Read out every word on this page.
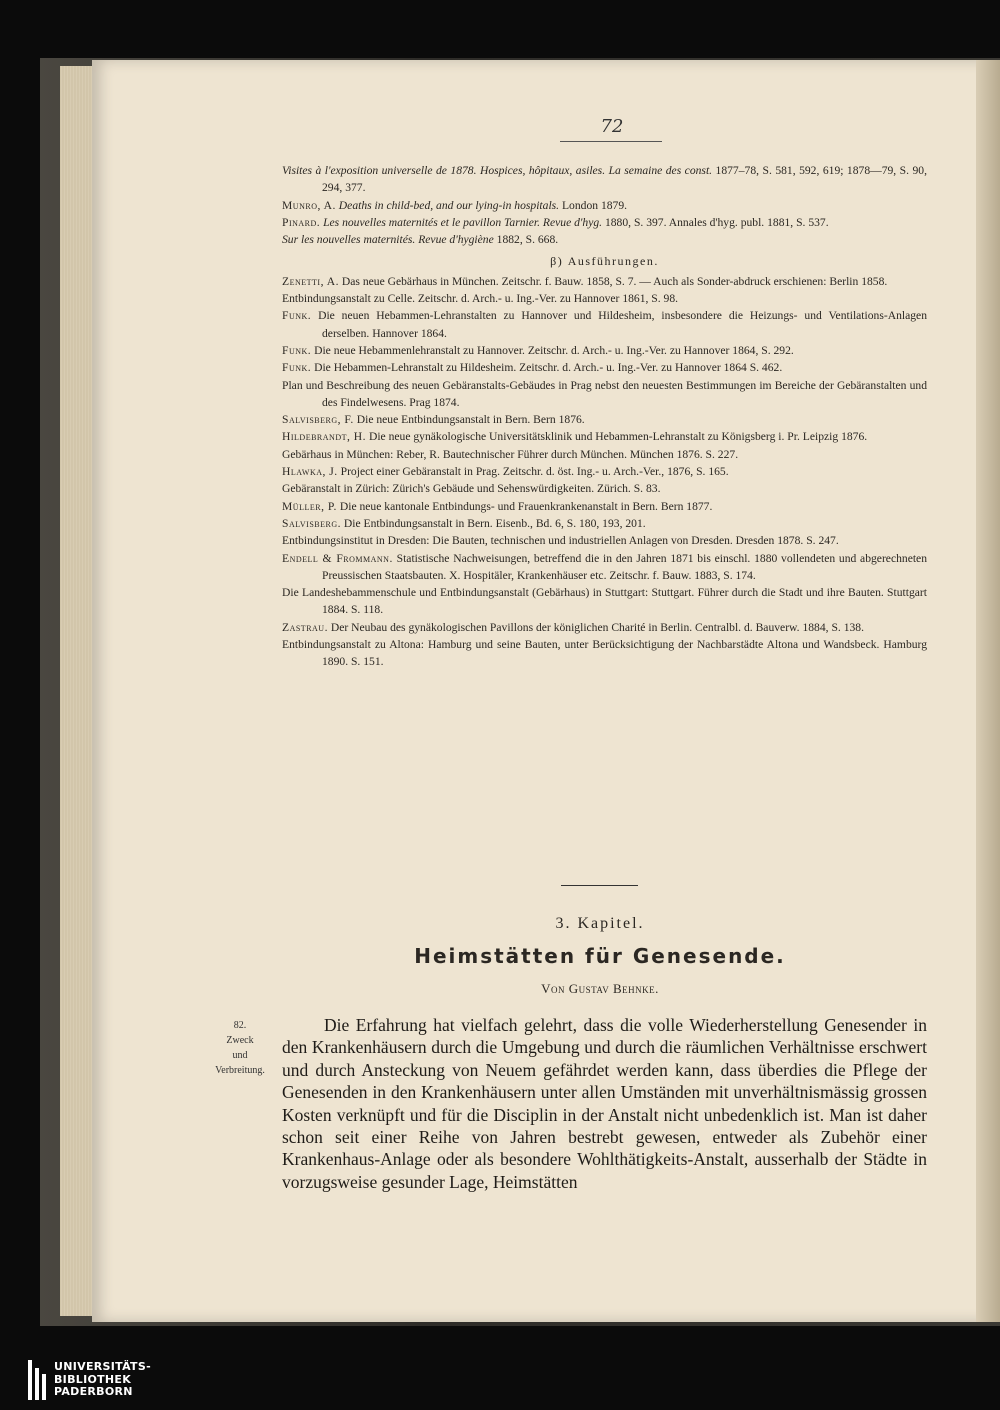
72

Visites à l'exposition universelle de 1878. Hospices, hôpitaux, asiles. La semaine des const. 1877–78, S. 581, 592, 619; 1878—79, S. 90, 294, 377.

Munro, A. Deaths in child-bed, and our lying-in hospitals. London 1879.

Pinard. Les nouvelles maternités et le pavillon Tarnier. Revue d'hyg. 1880, S. 397. Annales d'hyg. publ. 1881, S. 537.

Sur les nouvelles maternités. Revue d'hygiène 1882, S. 668.

β) Ausführungen.

Zenetti, A. Das neue Gebärhaus in München. Zeitschr. f. Bauw. 1858, S. 7. — Auch als Sonder-abdruck erschienen: Berlin 1858.

Entbindungsanstalt zu Celle. Zeitschr. d. Arch.- u. Ing.-Ver. zu Hannover 1861, S. 98.

Funk. Die neuen Hebammen-Lehranstalten zu Hannover und Hildesheim, insbesondere die Heizungs- und Ventilations-Anlagen derselben. Hannover 1864.

Funk. Die neue Hebammenlehranstalt zu Hannover. Zeitschr. d. Arch.- u. Ing.-Ver. zu Hannover 1864, S. 292.

Funk. Die Hebammen-Lehranstalt zu Hildesheim. Zeitschr. d. Arch.- u. Ing.-Ver. zu Hannover 1864 S. 462.

Plan und Beschreibung des neuen Gebäranstalts-Gebäudes in Prag nebst den neuesten Bestimmungen im Bereiche der Gebäranstalten und des Findelwesens. Prag 1874.

Salvisberg, F. Die neue Entbindungsanstalt in Bern. Bern 1876.

Hildebrandt, H. Die neue gynäkologische Universitätsklinik und Hebammen-Lehranstalt zu Königsberg i. Pr. Leipzig 1876.

Gebärhaus in München: Reber, R. Bautechnischer Führer durch München. München 1876. S. 227.

Hlawka, J. Project einer Gebäranstalt in Prag. Zeitschr. d. öst. Ing.- u. Arch.-Ver., 1876, S. 165.

Gebäranstalt in Zürich: Zürich's Gebäude und Sehenswürdigkeiten. Zürich. S. 83.

Müller, P. Die neue kantonale Entbindungs- und Frauenkrankenanstalt in Bern. Bern 1877.

Salvisberg. Die Entbindungsanstalt in Bern. Eisenb., Bd. 6, S. 180, 193, 201.

Entbindungsinstitut in Dresden: Die Bauten, technischen und industriellen Anlagen von Dresden. Dresden 1878. S. 247.

Endell & Frommann. Statistische Nachweisungen, betreffend die in den Jahren 1871 bis einschl. 1880 vollendeten und abgerechneten Preussischen Staatsbauten. X. Hospitäler, Krankenhäuser etc. Zeitschr. f. Bauw. 1883, S. 174.

Die Landeshebammenschule und Entbindungsanstalt (Gebärhaus) in Stuttgart: Stuttgart. Führer durch die Stadt und ihre Bauten. Stuttgart 1884. S. 118.

Zastrau. Der Neubau des gynäkologischen Pavillons der königlichen Charité in Berlin. Centralbl. d. Bauverw. 1884, S. 138.

Entbindungsanstalt zu Altona: Hamburg und seine Bauten, unter Berücksichtigung der Nachbarstädte Altona und Wandsbeck. Hamburg 1890. S. 151.

3. Kapitel.
Heimstätten für Genesende.
Von Gustav Behnke.
82.
Zweck
und
Verbreitung.

Die Erfahrung hat vielfach gelehrt, dass die volle Wiederherstellung Genesender in den Krankenhäusern durch die Umgebung und durch die räumlichen Verhältnisse erschwert und durch Ansteckung von Neuem gefährdet werden kann, dass überdies die Pflege der Genesenden in den Krankenhäusern unter allen Umständen mit unverhältnismässig grossen Kosten verknüpft und für die Disciplin in der Anstalt nicht unbedenklich ist. Man ist daher schon seit einer Reihe von Jahren bestrebt gewesen, entweder als Zubehör einer Krankenhaus-Anlage oder als besondere Wohlthätigkeits-Anstalt, ausserhalb der Städte in vorzugsweise gesunder Lage, Heimstätten

UNIVERSITÄTS-
BIBLIOTHEK
PADERBORN
